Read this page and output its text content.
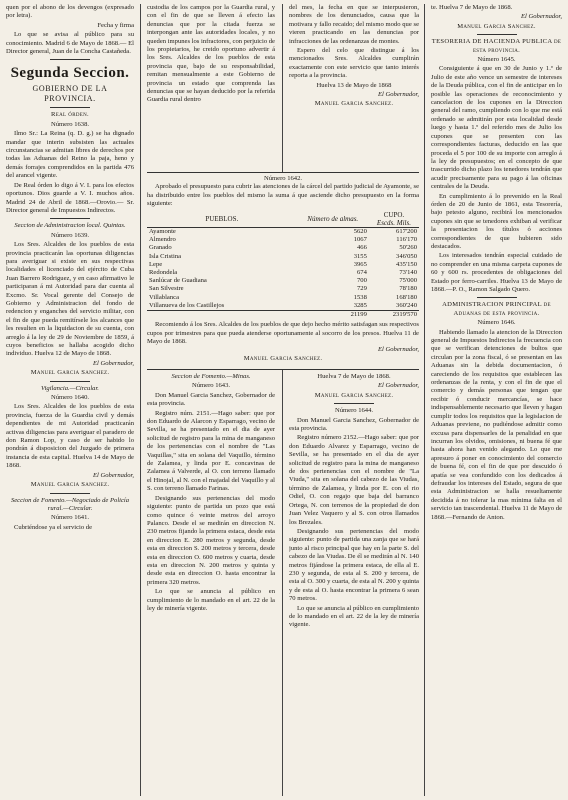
quen por el abono de los devengos (expresado por letra).

Fecha y firma

Lo que se avisa al público para su conocimiento. Madrid 6 de Mayo de 1868.— El Director general, Juan de la Concha Castañeda.

Segunda Seccion.
GOBIERNO DE LA PROVINCIA.

Real órden.

Número 1638.

Ilmo Sr.: La Reina (q. D. g.) se ha dignado mandar que interin subsisten las actuales circunstancias se admitan libres de derechos por todas las Aduanas del Reino la paja, heno y demás forrajes comprendidos en la partida 476 del arancel vigente.

De Real órden lo digo á V. I. para los efectos oportunos. Dios guarde a V. I. muchos años. Madrid 24 de Abril de 1868.—Orovio.— Sr. Director general de Impuestos Indirectos.

Seccion de Administracion local. Quintas.

Número 1639.

Los Sres. Alcaldes de los pueblos de esta provincia practicarán las oportunas diligencias para averiguar si existe en sus respectivas localidades el licenciado del ejército de Cuba Juan Barrero Rodriguez, y en caso afirmativo le participaran á mi Autoridad para dar cuenta al Excmo. Sr. Vocal gerente del Consejo de Gobierno y Administracion del fondo de redencion y enganches del servicio militar, con el fin de que pueda remitírsele los alcances que les resulten en la liquidacion de su cuenta, con arreglo á la ley de 29 de Noviembre de 1859, á cuyos beneficios se hallaba acogido dicho individuo. Huelva 12 de Mayo de 1868.

El Gobernador,

Manuel Garcia Sanchez.

Vigilancia.—Circular.

Número 1640.

Los Sres. Alcaldes de los pueblos de esta provincia, fuerza de la Guardia civil y demás dependientes de mi Autoridad practicarán activas diligencias para averiguar el paradero de don Ramon Lop, y caso de ser habido lo pondrán á disposicion del Juzgado de primera instancia de esta capital. Huelva 14 de Mayo de 1868.

El Gobernador,

Manuel Garcia Sanchez.

Seccion de Fomento.—Negociado de Policía rural.—Circular.

Número 1641.

Cubriéndose ya el servicio de

custodia de los campos por la Guardia rural, y con el fin de que se lleven á efecto las denuncias que por la citada fuerza se interpongan ante las autoridades locales, y no queden impunes los infractores, con perjuicio de los propietarios, he creido oportuno advertir á los Sres. Alcaldes de los pueblos de esta provincia que, bajo de su responsabilidad, remitan mensualmente a este Gobierno de provincia un estado que comprenda las denuncias que se hayan deducido por la referida Guardia rural dentro

del mes, la fecha en que se interpusieron, nombres de los denunciados, causa que la motivara y fallo recaido; del mismo modo que se vieren practicando en las denuncias por infracciones de las ordenanzas de montes.

Espero del celo que distingue á los mencionados Sres. Alcaldes cumplirán exactamente con este servicio que tanto interés reporta a la provincia.

Huelva 13 de Mayo de 1868

El Gobernador,

Manuel Garcia Sanchez.

Número 1642.

Aprobado el presupuesto para cubrir las atenciones de la cárcel del partido judicial de Ayamonte, se ha distribuido entre los pueblos del mismo la suma á que asciende dicho presupuesto en la forma siguiente:

PUEBLOS.	Número de almas.	CUPO.
Escds. Mils.
Ayamonte	5620	617'200
Almendro	1067	116'170
Granado	466	50'260
Isla Cristina	3155	346'050
Lepe	3965	435'150
Redondela	674	73'140
Sanlúcar de Guadiana	700	75'000
San Silvestre	729	78'180
Villablanca	1538	168'180
Villanueva de los Castillejos	3285	360'240
	21199	2319'570

Recomiendo á los Sres. Alcaldes de los pueblos de que dejo hecho mérito satisfagan sus respectivos cupos por trimestres para que pueda atenderse oportunamente al socorro de los presos. Huelva 11 de Mayo de 1868.

El Gobernador,

Manuel Garcia Sanchez.

Seccion de Fomento.—Minas.

Número 1643.

Don Manuel Garcia Sanchez, Gobernador de esta provincia.

Registro núm. 2151.—Hago saber: que por don Eduardo de Alarcon y Esparrago, vecino de Sevilla, se ha presentado en el dia de ayer solicitud de registro para la mina de manganeso de los pertenencias con el nombre de "Las Vaquillas," sita en solana del Vaquillo, término de Zalamea, y linda por E. concavinas de Zalamea á Valverde, al O. con terreno llamado el Hinojal, al N. con el majadal del Vaquillo y al S. con terreno llamado Farinas.

Designando sus pertenencias del modo siguiente: punto de partida un pozo que está como quince ó veinte metros del arroyo Palanco. Desde el se medirán en direccion N. 230 metros fijando la primera estaca, desde esta en direccion E. 280 metros y segunda, desde esta en direccion S. 200 metros y tercera, desde esta en direccion O. 600 metros y cuarta, desde esta en direccion N. 200 metros y quinta y desde esta en direccion O. hasta encontrar la primera 320 metros.

Lo que se anuncia al público en cumplimiento de lo mandado en el art. 22 de la ley de minería vigente.

Huelva 7 de Mayo de 1868.

El Gobernador,

Manuel Garcia Sanchez.

Número 1644.

Don Manuel Garcia Sanchez, Gobernador de esta provincia.

Registro número 2152.—Hago saber: que por don Eduardo Alvarez y Esparrago, vecino de Sevilla, se ha presentado en el dia de ayer solicitud de registro para la mina de manganeso de dos pertenencias con el nombre de "La Viuda," sita en solana del cabezo de las Viudas, término de Zalamea, y linda por E. con el rio Odiel, O. con regajo que baja del barranco Ortega, N. con terrenos de la propiedad de don Juan Velez Vaquero y al S. con otros llamados los Brezales.

Designando sus pertenencias del modo siguiente: punto de partida una zanja que se hará junto al risco principal que hay en la parte S. del cabezo de las Viudas. De él se medirán al N. 140 metros fijándose la primera estaca, de ella al E. 230 y segunda, de esta al S. 200 y tercera, de esta al O. 300 y cuarta, de esta al N. 200 y quinta y de esta al O. hasta encontrar la primera 6 sean 70 metros.

Lo que se anuncia al público en cumplimiento de lo mandado en el art. 22 de la ley de minería vigente.

te. Huelva 7 de Mayo de 1868.

El Gobernador,

Manuel Garcia Sanchez.

TESORERIA DE HACIENDA PUBLICA de esta provincia.

Número 1645.

Consiguiente á que en 30 de Junio y 1.º de Julio de este año vence un semestre de intereses de la Deuda pública, con el fin de anticipar en lo posible las operaciones de reconocimiento y cancelacion de los cupones en la Direccion general del ramo, cumpliendo con lo que me está ordenado se admitirán por esta localidad desde luego y hasta 1.º del referido mes de Julio los cupones que se presenten con las correspondientes facturas, deducido en las que proceda el 5 por 100 de su importe con arreglo á la ley de presupuestos; en el concepto de que trascurrido dicho plazo los tenedores tendrán que acudir precisamente para su pago á las oficinas centrales de la Deuda.

En cumplimiento á lo prevenido en la Real órden de 20 de Junio de 1861, esta Tesorería, bajo petesto alguno, recibirá los mencionados cupones sin que se tenedores exhiban al verificar la presentacion los títulos ó acciones correspondientes de que hubieren sido destacados.

Los interesados tendrán especial cuidado de no comprender en una misma carpeta cupones de 60 y 600 rs. procedentes de obligaciones del Estado por ferro-carriles. Huelva 13 de Mayo de 1868.—P. O., Ramon Salgado Quero.

ADMINISTRACION PRINCIPAL de Aduanas de esta provincia.

Número 1646.

Habiendo llamado la atencion de la Direccion general de Impuestos Indirectos la frecuencia con que se verifican detenciones de bultos que circulan por la zona fiscal, ó se presentan en las Aduanas sin la debida documentacion, ó careciendo de los requisitos que establecen las ordenanzas de la renta, y con el fin de que el comercio y demás personas que tengan que recibir ó conducir mercancías, se hace indispensablemente necesario que lleven y hagan cumplir todos los requisitos que la legislacion de Aduanas previene, no pudiéndose admitir como excusa para dispensarles de la penalidad en que incurran los olvidos, omisiones, ni buena fé que hasta ahora han venido alegando. Lo que me apresuro á poner en conocimiento del comercio de buena fé, con el fin de que por descuido ó apatía se vea confundido con los dedicados á defraudar los intereses del Estado, segura de que esta Administracion se halla resueltamente decidida á no tolerar la mas mínima falta en el servicio tan trascendental. Huelva 11 de Mayo de 1868.—Fernando de Anton.
